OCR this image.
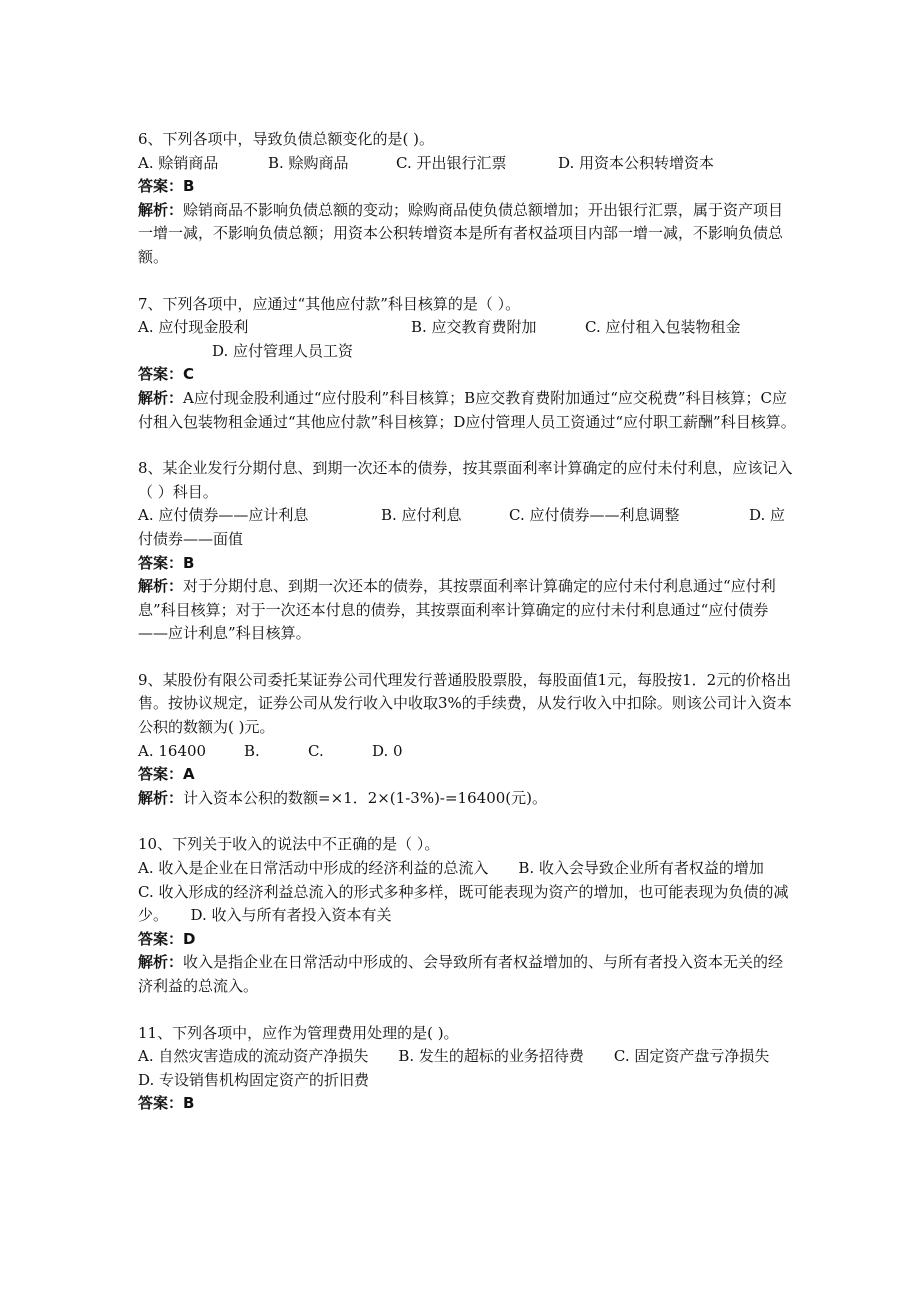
6、下列各项中，导致负债总额变化的是( )。
A. 赊销商品	B. 赊购商品	C. 开出银行汇票	D. 用资本公积转增资本
答案：B
解析：赊销商品不影响负债总额的变动；赊购商品使负债总额增加；开出银行汇票，属于资产项目一增一减，不影响负债总额；用资本公积转增资本是所有者权益项目内部一增一减，不影响负债总额。
7、下列各项中，应通过“其他应付款”科目核算的是（ ）。
A. 应付现金股利	B. 应交教育费附加	C. 应付租入包装物租金
D. 应付管理人员工资
答案：C
解析：A应付现金股利通过“应付股利”科目核算；B应交教育费附加通过“应交税费”科目核算；C应付租入包装物租金通过“其他应付款”科目核算；D应付管理人员工资通过“应付职工薪酬”科目核算。
8、某企业发行分期付息、到期一次还本的债券，按其票面利率计算确定的应付未付利息，应该记入（ ）科目。
A. 应付债券——应计利息	B. 应付利息	C. 应付债券——利息调整	D. 应付债券——面值
答案：B
解析：对于分期付息、到期一次还本的债券，其按票面利率计算确定的应付未付利息通过“应付利息”科目核算；对于一次还本付息的债券，其按票面利率计算确定的应付未付利息通过“应付债券——应计利息”科目核算。
9、某股份有限公司委托某证券公司代理发行普通股股票股，每股面值1元，每股按1．2元的价格出售。按协议规定，证券公司从发行收入中收取3%的手续费，从发行收入中扣除。则该公司计入资本公积的数额为( )元。
A. 16400	B.	C.	D. 0
答案：A
解析：计入资本公积的数额=×1．2×(1-3%)-=16400(元)。
10、下列关于收入的说法中不正确的是（ ）。
A. 收入是企业在日常活动中形成的经济利益的总流入　　B. 收入会导致企业所有者权益的增加　　C. 收入形成的经济利益总流入的形式多种多样，既可能表现为资产的增加，也可能表现为负债的减少。　　D. 收入与所有者投入资本有关
答案：D
解析：收入是指企业在日常活动中形成的、会导致所有者权益增加的、与所有者投入资本无关的经济利益的总流入。
11、下列各项中，应作为管理费用处理的是( )。
A. 自然灾害造成的流动资产净损失　　B. 发生的超标的业务招待费　　C. 固定资产盘亏净损失　　D. 专设销售机构固定资产的折旧费
答案：B
